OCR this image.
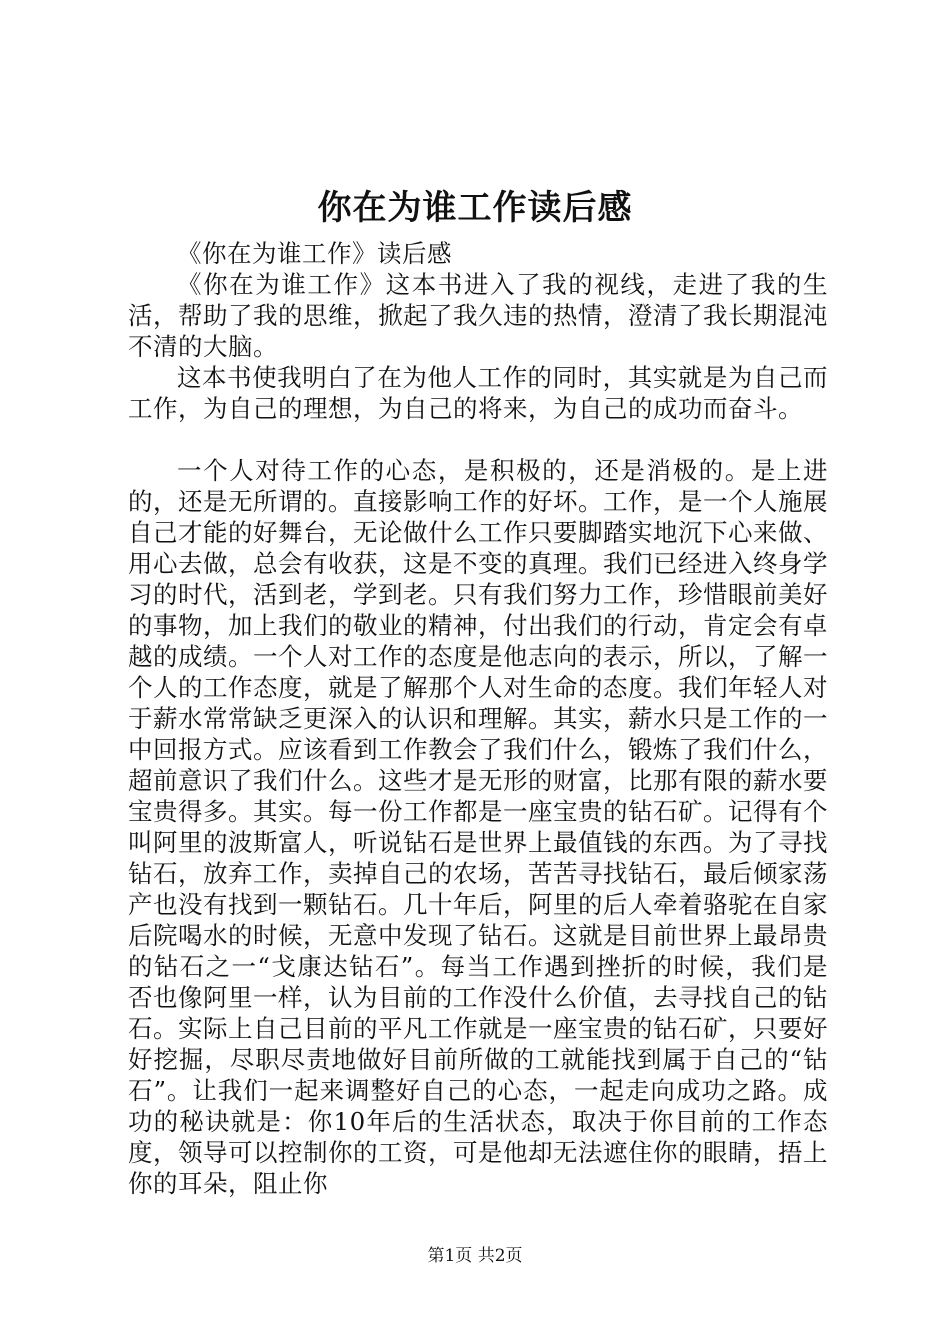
你在为谁工作读后感

《你在为谁工作》读后感

《你在为谁工作》这本书进入了我的视线，走进了我的生活，帮助了我的思维，掀起了我久违的热情，澄清了我长期混沌不清的大脑。

这本书使我明白了在为他人工作的同时，其实就是为自己而工作，为自己的理想，为自己的将来，为自己的成功而奋斗。

一个人对待工作的心态，是积极的，还是消极的。是上进的，还是无所谓的。直接影响工作的好坏。工作，是一个人施展自己才能的好舞台，无论做什么工作只要脚踏实地沉下心来做、用心去做，总会有收获，这是不变的真理。我们已经进入终身学习的时代，活到老，学到老。只有我们努力工作，珍惜眼前美好的事物，加上我们的敬业的精神，付出我们的行动，肯定会有卓越的成绩。一个人对工作的态度是他志向的表示，所以，了解一个人的工作态度，就是了解那个人对生命的态度。我们年轻人对于薪水常常缺乏更深入的认识和理解。其实，薪水只是工作的一中回报方式。应该看到工作教会了我们什么，锻炼了我们什么，超前意识了我们什么。这些才是无形的财富，比那有限的薪水要宝贵得多。其实。每一份工作都是一座宝贵的钻石矿。记得有个叫阿里的波斯富人，听说钻石是世界上最值钱的东西。为了寻找钻石，放弃工作，卖掉自己的农场，苦苦寻找钻石，最后倾家荡产也没有找到一颗钻石。几十年后，阿里的后人牵着骆驼在自家后院喝水的时候，无意中发现了钻石。这就是目前世界上最昂贵的钻石之一“戈康达钻石”。每当工作遇到挫折的时候，我们是否也像阿里一样，认为目前的工作没什么价值，去寻找自己的钻石。实际上自己目前的平凡工作就是一座宝贵的钻石矿，只要好好挖掘，尽职尽责地做好目前所做的工就能找到属于自己的“钻石”。让我们一起来调整好自己的心态，一起走向成功之路。成功的秘诀就是：你10年后的生活状态，取决于你目前的工作态度，领导可以控制你的工资，可是他却无法遮住你的眼睛，捂上你的耳朵，阻止你

第1页 共2页
